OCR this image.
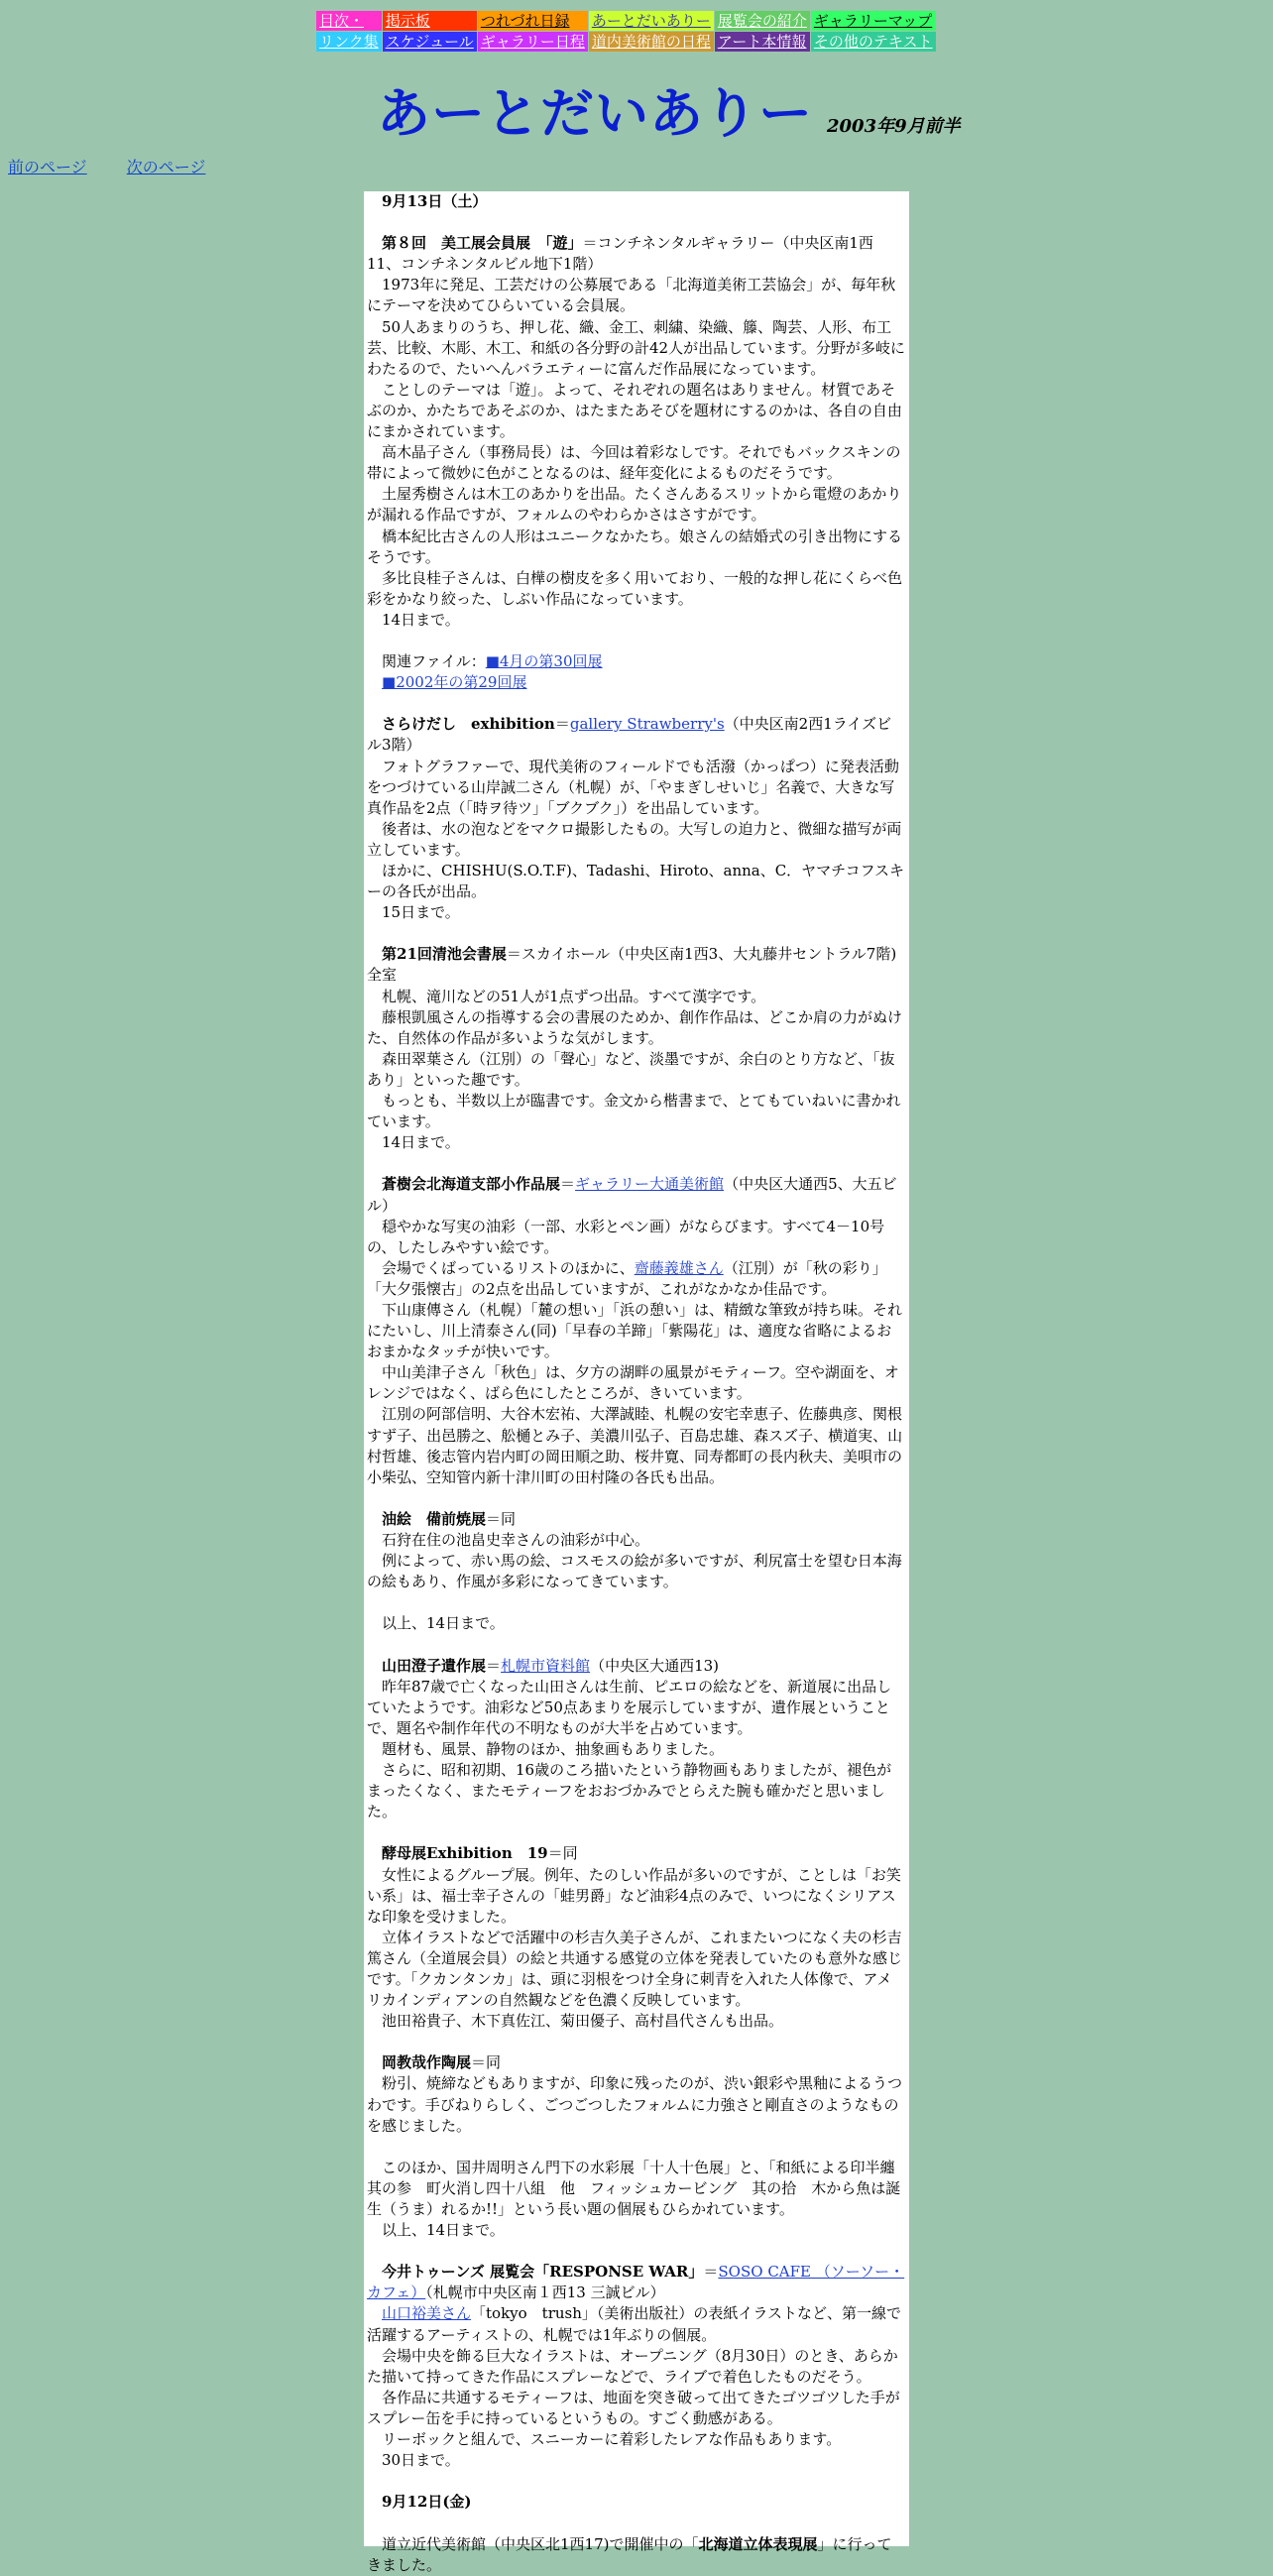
目次・	掲示板	つれづれ日録	あーとだいありー	展覧会の紹介	ギャラリーマップ
リンク集	スケジュール	ギャラリー日程	道内美術館の日程	アート本情報	その他のテキスト
あーとだいありー 2003年9月前半
前のページ	次のページ

　9月13日（土）

　第８回　美工展会員展　「遊」＝コンチネンタルギャラリー（中央区南1西11、コンチネンタルビル地下1階）

　1973年に発足、工芸だけの公募展である「北海道美術工芸協会」が、毎年秋にテーマを決めてひらいている会員展。

　50人あまりのうち、押し花、織、金工、刺繍、染織、籐、陶芸、人形、布工芸、比較、木彫、木工、和紙の各分野の計42人が出品しています。分野が多岐にわたるので、たいへんバラエティーに富んだ作品展になっています。

　ことしのテーマは「遊」。よって、それぞれの題名はありません。材質であそぶのか、かたちであそぶのか、はたまたあそびを題材にするのかは、各自の自由にまかされています。

　高木晶子さん（事務局長）は、今回は着彩なしです。それでもバックスキンの帯によって微妙に色がことなるのは、経年変化によるものだそうです。

　土屋秀樹さんは木工のあかりを出品。たくさんあるスリットから電燈のあかりが漏れる作品ですが、フォルムのやわらかさはさすがです。

　橋本紀比古さんの人形はユニークなかたち。娘さんの結婚式の引き出物にするそうです。

　多比良桂子さんは、白樺の樹皮を多く用いており、一般的な押し花にくらべ色彩をかなり絞った、しぶい作品になっています。

　14日まで。

　関連ファイル：■4月の第30回展

　■2002年の第29回展

　さらけだし　exhibition＝gallery Strawberry's（中央区南2西1ライズビル3階）

　フォトグラファーで、現代美術のフィールドでも活潑（かっぱつ）に発表活動をつづけている山岸誠二さん（札幌）が、「やまぎしせいじ」名義で、大きな写真作品を2点（「時ヲ待ツ」「ブクブク」）を出品しています。

　後者は、水の泡などをマクロ撮影したもの。大写しの迫力と、微細な描写が両立しています。

　ほかに、CHISHU(S.O.T.F)、Tadashi、Hiroto、anna、C．ヤマチコフスキーの各氏が出品。

　15日まで。

　第21回清池会書展＝スカイホール（中央区南1西3、大丸藤井セントラル7階)全室

　札幌、滝川などの51人が1点ずつ出品。すべて漢字です。

　藤根凱風さんの指導する会の書展のためか、創作作品は、どこか肩の力がぬけた、自然体の作品が多いような気がします。

　森田翠葉さん（江別）の「聲心」など、淡墨ですが、余白のとり方など、「抜あり」といった趣です。

　もっとも、半数以上が臨書です。金文から楷書まで、とてもていねいに書かれています。

　14日まで。

　蒼樹会北海道支部小作品展＝ギャラリー大通美術館（中央区大通西5、大五ビル）

　穏やかな写実の油彩（一部、水彩とペン画）がならびます。すべて4－10号の、したしみやすい絵です。

　会場でくばっているリストのほかに、齋藤義雄さん（江別）が「秋の彩り」「大夕張懐古」の2点を出品していますが、これがなかなか佳品です。

　下山康傳さん（札幌）「麓の想い」「浜の憩い」は、精緻な筆致が持ち味。それにたいし、川上清泰さん(同)「早春の羊蹄」「紫陽花」は、適度な省略によるおおまかなタッチが快いです。

　中山美津子さん「秋色」は、夕方の湖畔の風景がモティーフ。空や湖面を、オレンジではなく、ばら色にしたところが、きいています。

　江別の阿部信明、大谷木宏祐、大澤誠睦、札幌の安宅幸恵子、佐藤典彦、関根すず子、出邑勝之、舩樋とみ子、美濃川弘子、百島忠雄、森スズ子、横道実、山村哲雄、後志管内岩内町の岡田順之助、桜井寛、同寿都町の長内秋夫、美唄市の小柴弘、空知管内新十津川町の田村隆の各氏も出品。

　油絵　備前焼展＝同

　石狩在住の池畠史幸さんの油彩が中心。

　例によって、赤い馬の絵、コスモスの絵が多いですが、利尻富士を望む日本海の絵もあり、作風が多彩になってきています。

　以上、14日まで。

　山田澄子遺作展＝札幌市資料館（中央区大通西13)

　昨年87歳で亡くなった山田さんは生前、ピエロの絵などを、新道展に出品していたようです。油彩など50点あまりを展示していますが、遺作展ということで、題名や制作年代の不明なものが大半を占めています。

　題材も、風景、静物のほか、抽象画もありました。

　さらに、昭和初期、16歳のころ描いたという静物画もありましたが、褪色がまったくなく、またモティーフをおおづかみでとらえた腕も確かだと思いました。

　酵母展Exhibition　19＝同

　女性によるグループ展。例年、たのしい作品が多いのですが、ことしは「お笑い系」は、福士幸子さんの「蛙男爵」など油彩4点のみで、いつになくシリアスな印象を受けました。

　立体イラストなどで活躍中の杉吉久美子さんが、これまたいつになく夫の杉吉篤さん（全道展会員）の絵と共通する感覚の立体を発表していたのも意外な感じです。「クカンタンカ」は、頭に羽根をつけ全身に刺青を入れた人体像で、アメリカインディアンの自然観などを色濃く反映しています。

　池田裕貴子、木下真佐江、菊田優子、高村昌代さんも出品。

　岡教哉作陶展＝同

　粉引、焼締などもありますが、印象に残ったのが、渋い銀彩や黒釉によるうつわです。手びねりらしく、ごつごつしたフォルムに力強さと剛直さのようなものを感じました。

　このほか、国井周明さん門下の水彩展「十人十色展」と、「和紙による印半纏　其の参　町火消し四十八組　他　フィッシュカービング　其の拾　木から魚は誕生（うま）れるか!!」という長い題の個展もひらかれています。

　以上、14日まで。

　今井トゥーンズ 展覧会「RESPONSE WAR」＝SOSO CAFE （ソーソー・カフェ）（札幌市中央区南１西13 三誠ビル）

　山口裕美さん「tokyo　trush」（美術出版社）の表紙イラストなど、第一線で活躍するアーティストの、札幌では1年ぶりの個展。

　会場中央を飾る巨大なイラストは、オープニング（8月30日）のとき、あらかた描いて持ってきた作品にスプレーなどで、ライブで着色したものだそう。

　各作品に共通するモティーフは、地面を突き破って出てきたゴツゴツした手がスプレー缶を手に持っているというもの。すごく動感がある。

　リーボックと組んで、スニーカーに着彩したレアな作品もあります。

　30日まで。

　9月12日(金)

　道立近代美術館（中央区北1西17)で開催中の「北海道立体表現展」に行ってきました。
